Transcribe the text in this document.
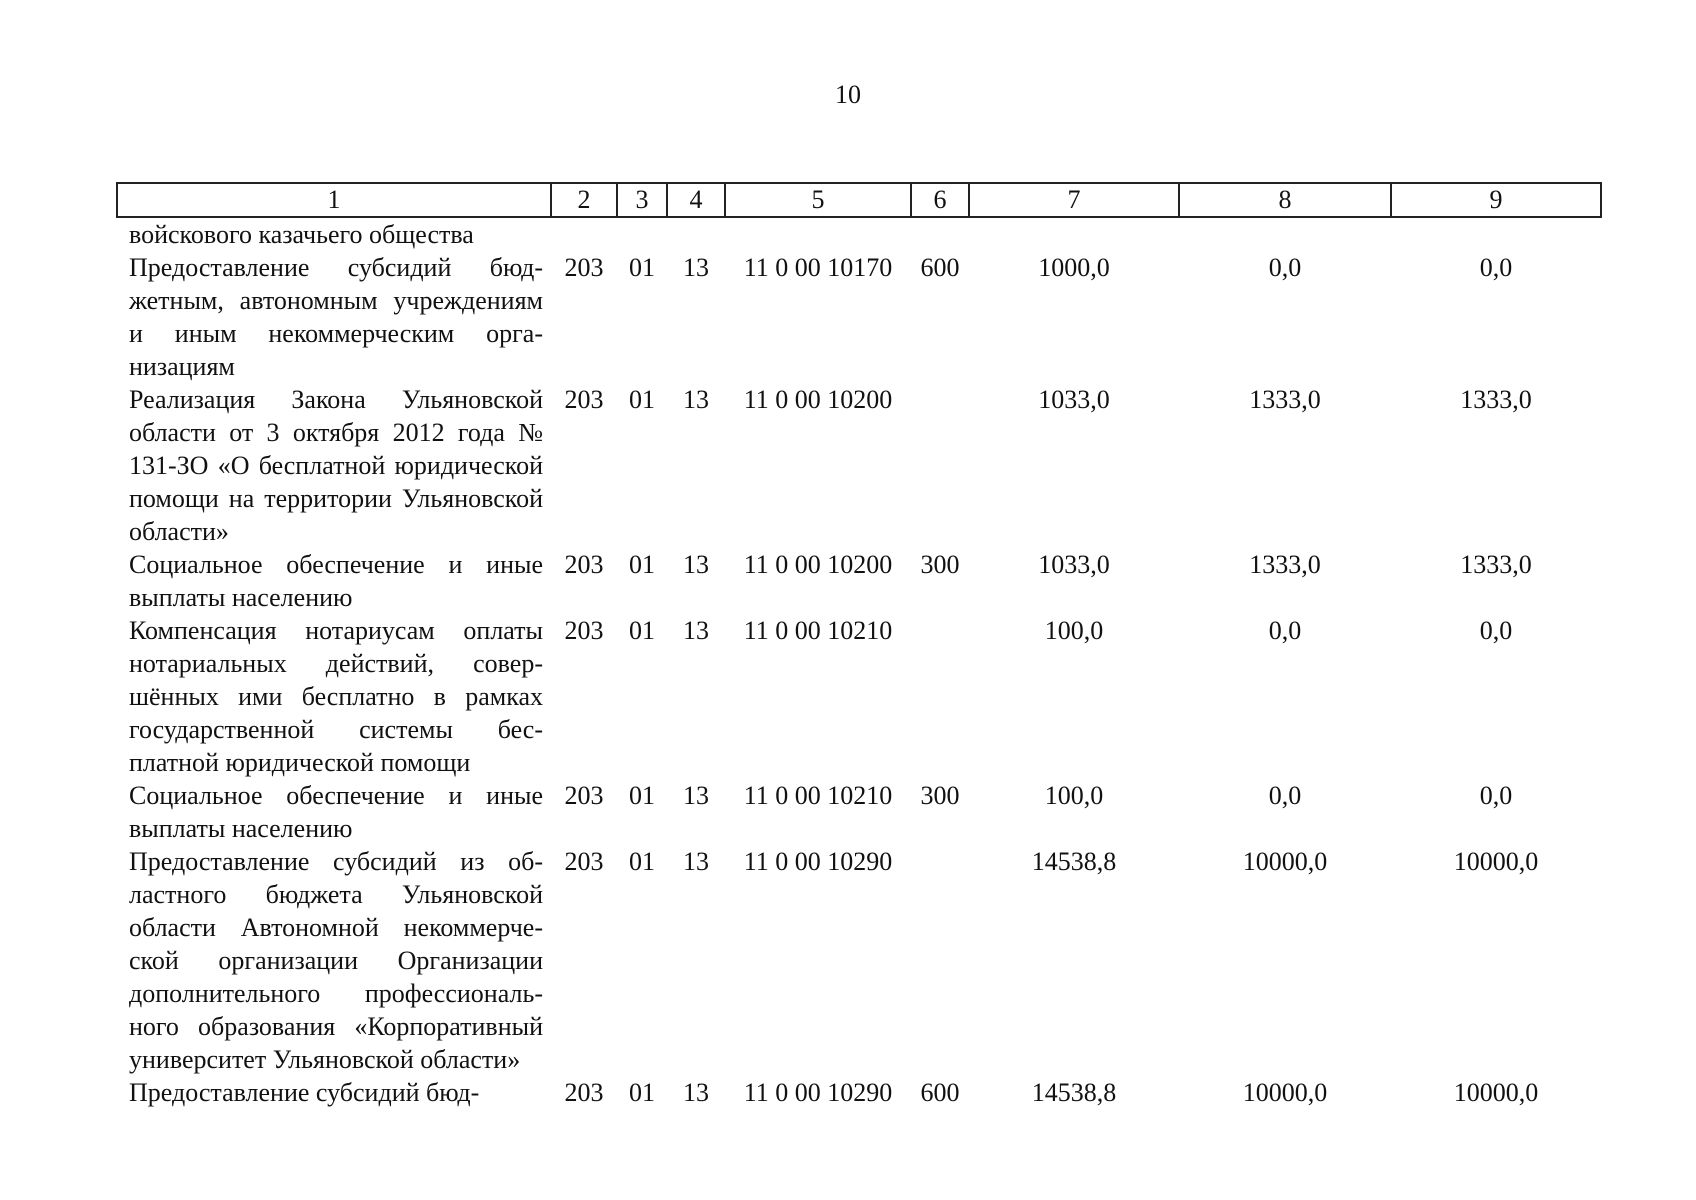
10
1	2	3	4	5	6	7	8	9
войскового казачьего общества								
Предоставление субсидий бюджетным, автономным учреждениям и иным некоммерческим организациям	203	01	13	11 0 00 10170	600	1000,0	0,0	0,0
Реализация Закона Ульяновской области от 3 октября 2012 года № 131-ЗО «О бесплатной юридической помощи на территории Ульяновской области»	203	01	13	11 0 00 10200		1033,0	1333,0	1333,0
Социальное обеспечение и иные выплаты населению	203	01	13	11 0 00 10200	300	1033,0	1333,0	1333,0
Компенсация нотариусам оплаты нотариальных действий, совершённых ими бесплатно в рамках государственной системы бесплатной юридической помощи	203	01	13	11 0 00 10210		100,0	0,0	0,0
Социальное обеспечение и иные выплаты населению	203	01	13	11 0 00 10210	300	100,0	0,0	0,0
Предоставление субсидий из областного бюджета Ульяновской области Автономной некоммерческой организации Организации дополнительного профессионального образования «Корпоративный университет Ульяновской области»	203	01	13	11 0 00 10290		14538,8	10000,0	10000,0
Предоставление субсидий бюд-	203	01	13	11 0 00 10290	600	14538,8	10000,0	10000,0
